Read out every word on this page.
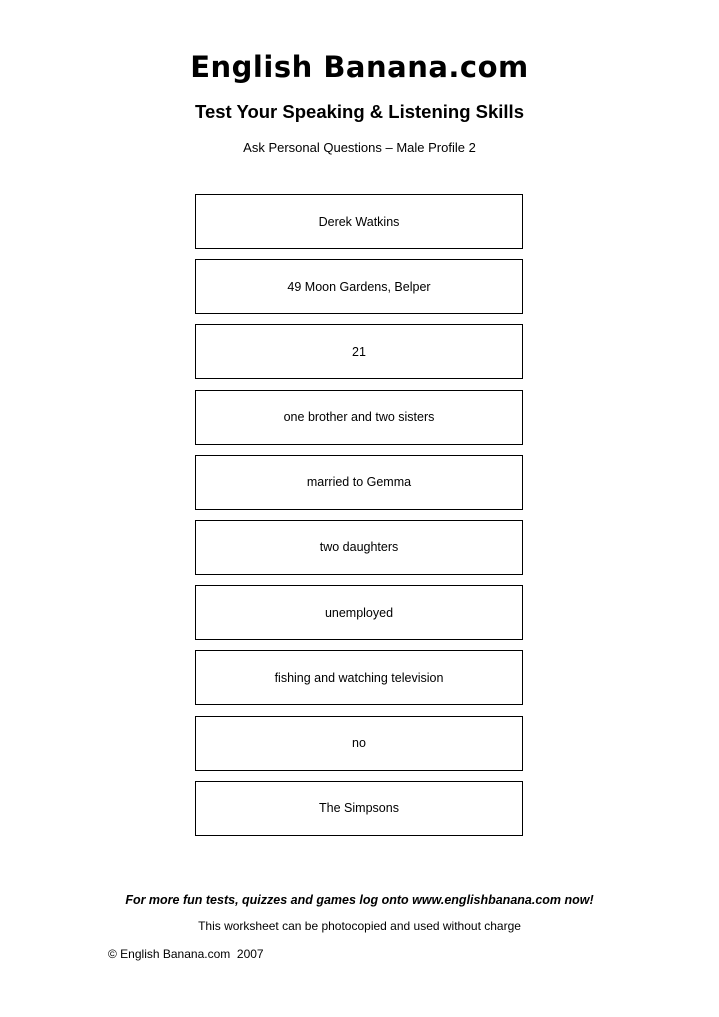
English Banana.com
Test Your Speaking & Listening Skills
Ask Personal Questions – Male Profile 2
Derek Watkins
49 Moon Gardens, Belper
21
one brother and two sisters
married to Gemma
two daughters
unemployed
fishing and watching television
no
The Simpsons
For more fun tests, quizzes and games log onto www.englishbanana.com now!
This worksheet can be photocopied and used without charge
© English Banana.com  2007
